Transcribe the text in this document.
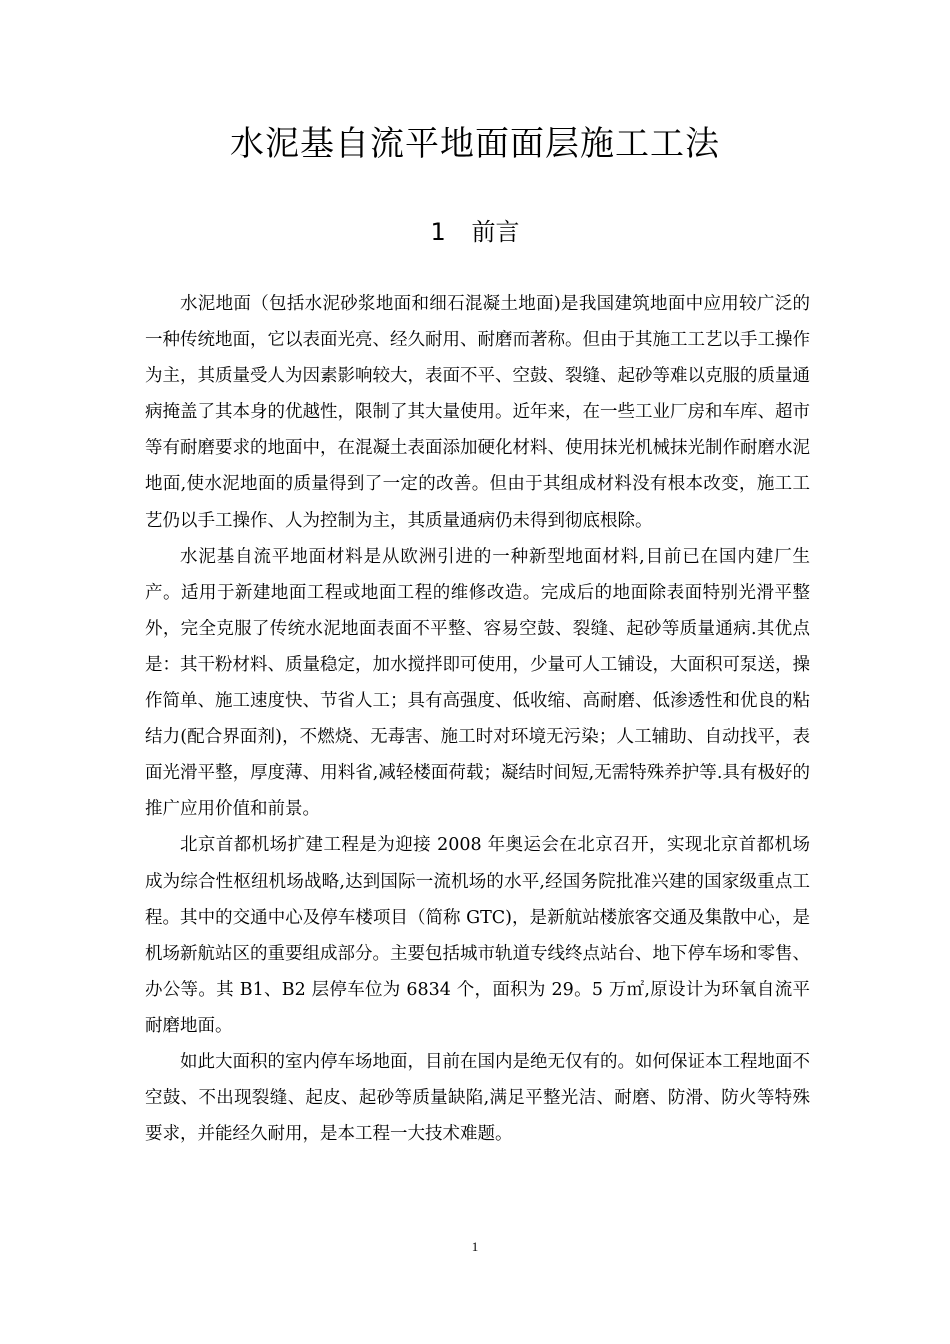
水泥基自流平地面面层施工工法
1 前言

水泥地面（包括水泥砂浆地面和细石混凝土地面)是我国建筑地面中应用较广泛的一种传统地面，它以表面光亮、经久耐用、耐磨而著称。但由于其施工工艺以手工操作为主，其质量受人为因素影响较大，表面不平、空鼓、裂缝、起砂等难以克服的质量通病掩盖了其本身的优越性，限制了其大量使用。近年来，在一些工业厂房和车库、超市等有耐磨要求的地面中，在混凝土表面添加硬化材料、使用抹光机械抹光制作耐磨水泥地面,使水泥地面的质量得到了一定的改善。但由于其组成材料没有根本改变，施工工艺仍以手工操作、人为控制为主，其质量通病仍未得到彻底根除。

水泥基自流平地面材料是从欧洲引进的一种新型地面材料,目前已在国内建厂生产。适用于新建地面工程或地面工程的维修改造。完成后的地面除表面特别光滑平整外，完全克服了传统水泥地面表面不平整、容易空鼓、裂缝、起砂等质量通病.其优点是：其干粉材料、质量稳定，加水搅拌即可使用，少量可人工铺设，大面积可泵送，操作简单、施工速度快、节省人工；具有高强度、低收缩、高耐磨、低渗透性和优良的粘结力(配合界面剂)，不燃烧、无毒害、施工时对环境无污染；人工辅助、自动找平，表面光滑平整，厚度薄、用料省,减轻楼面荷载；凝结时间短,无需特殊养护等.具有极好的推广应用价值和前景。

北京首都机场扩建工程是为迎接 2008 年奥运会在北京召开，实现北京首都机场成为综合性枢纽机场战略,达到国际一流机场的水平,经国务院批准兴建的国家级重点工程。其中的交通中心及停车楼项目（简称 GTC)，是新航站楼旅客交通及集散中心，是机场新航站区的重要组成部分。主要包括城市轨道专线终点站台、地下停车场和零售、办公等。其 B1、B2 层停车位为 6834 个，面积为 29。5 万㎡,原设计为环氧自流平耐磨地面。

如此大面积的室内停车场地面，目前在国内是绝无仅有的。如何保证本工程地面不空鼓、不出现裂缝、起皮、起砂等质量缺陷,满足平整光洁、耐磨、防滑、防火等特殊要求，并能经久耐用，是本工程一大技术难题。

1
